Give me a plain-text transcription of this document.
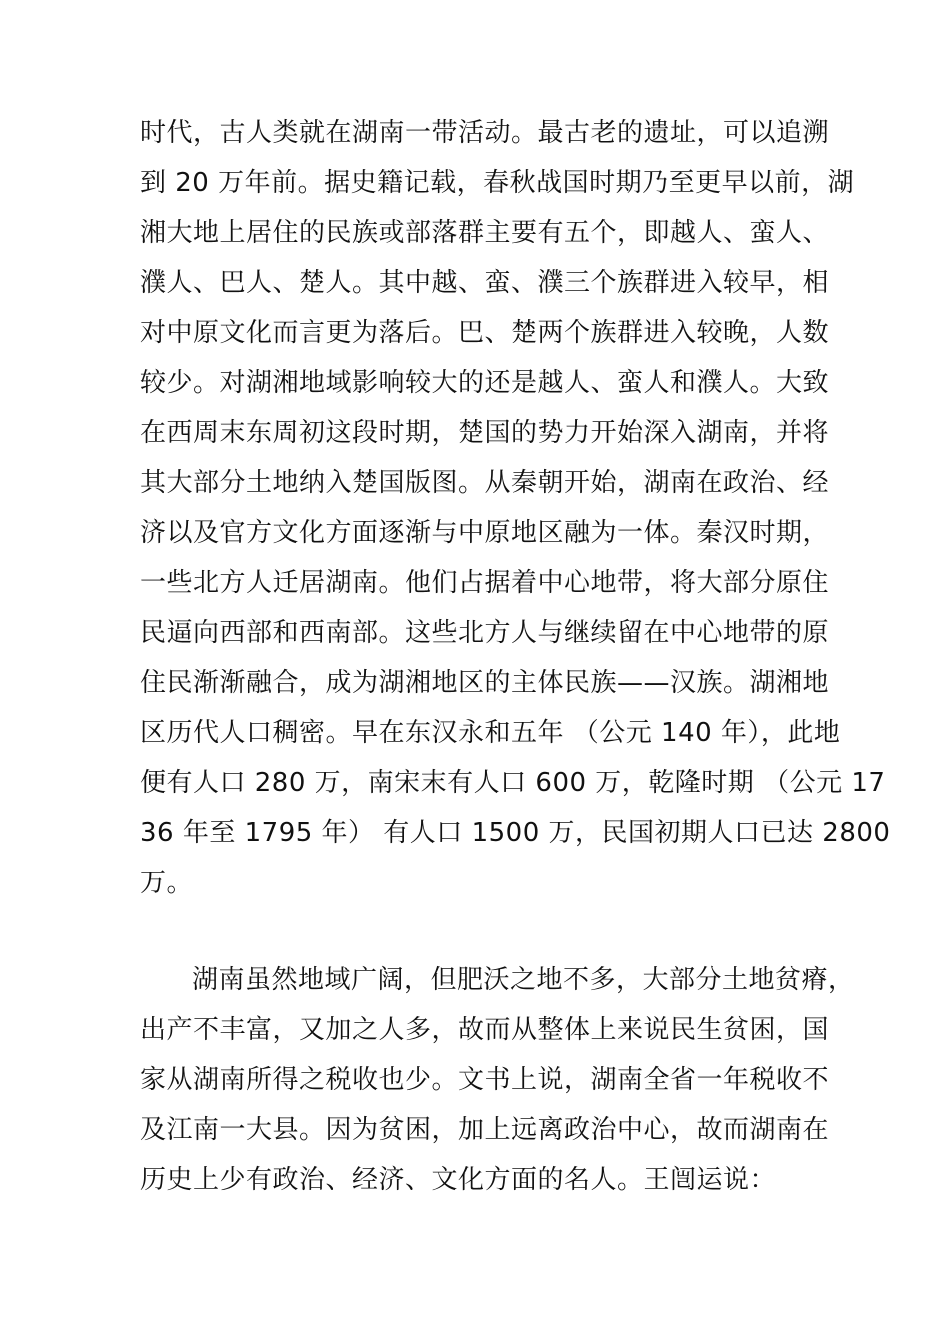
时代，古人类就在湖南一带活动。最古老的遗址，可以追溯
到 20 万年前。据史籍记载，春秋战国时期乃至更早以前，湖
湘大地上居住的民族或部落群主要有五个，即越人、蛮人、
濮人、巴人、楚人。其中越、蛮、濮三个族群进入较早，相
对中原文化而言更为落后。巴、楚两个族群进入较晚，人数
较少。对湖湘地域影响较大的还是越人、蛮人和濮人。大致
在西周末东周初这段时期，楚国的势力开始深入湖南，并将
其大部分土地纳入楚国版图。从秦朝开始，湖南在政治、经
济以及官方文化方面逐渐与中原地区融为一体。秦汉时期，
一些北方人迁居湖南。他们占据着中心地带，将大部分原住
民逼向西部和西南部。这些北方人与继续留在中心地带的原
住民渐渐融合，成为湖湘地区的主体民族——汉族。湖湘地
区历代人口稠密。早在东汉永和五年 （公元 140 年），此地
便有人口 280 万，南宋末有人口 600 万，乾隆时期 （公元 17
36 年至 1795 年） 有人口 1500 万，民国初期人口已达 2800
万。
湖南虽然地域广阔，但肥沃之地不多，大部分土地贫瘠，
出产不丰富，又加之人多，故而从整体上来说民生贫困，国
家从湖南所得之税收也少。文书上说，湖南全省一年税收不
及江南一大县。因为贫困，加上远离政治中心，故而湖南在
历史上少有政治、经济、文化方面的名人。王闿运说：
